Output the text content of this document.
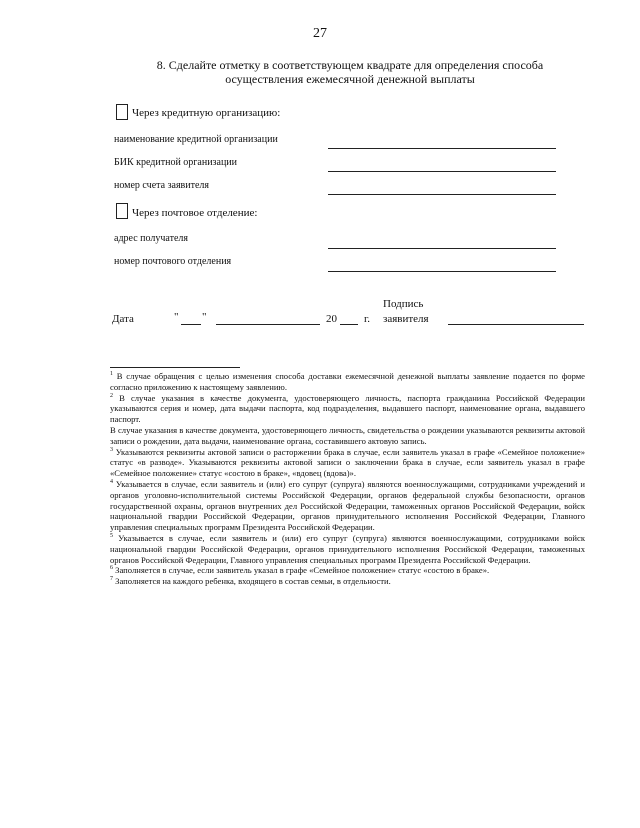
27
8. Сделайте отметку в соответствующем квадрате для определения способа
осуществления ежемесячной денежной выплаты
Через кредитную организацию:
наименование кредитной организации
БИК кредитной организации
номер счета заявителя
Через почтовое отделение:
адрес получателя
номер почтового отделения
Дата	" "	20 г.
Подпись
заявителя

$^1$ В случае обращения с целью изменения способа доставки ежемесячной денежной выплаты заявление подается по форме согласно приложению к настоящему заявлению.

$^2$ В случае указания в качестве документа, удостоверяющего личность, паспорта гражданина Российской Федерации указываются серия и номер, дата выдачи паспорта, код подразделения, выдавшего паспорт, наименование органа, выдавшего паспорт.

В случае указания в качестве документа, удостоверяющего личность, свидетельства о рождении указываются реквизиты актовой записи о рождении, дата выдачи, наименование органа, составившего актовую запись.

$^3$ Указываются реквизиты актовой записи о расторжении брака в случае, если заявитель указал в графе «Семейное положение» статус «в разводе». Указываются реквизиты актовой записи о заключении брака в случае, если заявитель указал в графе «Семейное положение» статус «состою в браке», «вдовец (вдова)».

$^4$ Указывается в случае, если заявитель и (или) его супруг (супруга) являются военнослужащими, сотрудниками учреждений и органов уголовно-исполнительной системы Российской Федерации, органов федеральной службы безопасности, органов государственной охраны, органов внутренних дел Российской Федерации, таможенных органов Российской Федерации, войск национальной гвардии Российской Федерации, органов принудительного исполнения Российской Федерации, Главного управления специальных программ Президента Российской Федерации.

$^5$ Указывается в случае, если заявитель и (или) его супруг (супруга) являются военнослужащими, сотрудниками войск национальной гвардии Российской Федерации, органов принудительного исполнения Российской Федерации, таможенных органов Российской Федерации, Главного управления специальных программ Президента Российской Федерации.

$^6$ Заполняется в случае, если заявитель указал в графе «Семейное положение» статус «состою в браке».

$^7$ Заполняется на каждого ребенка, входящего в состав семьи, в отдельности.
